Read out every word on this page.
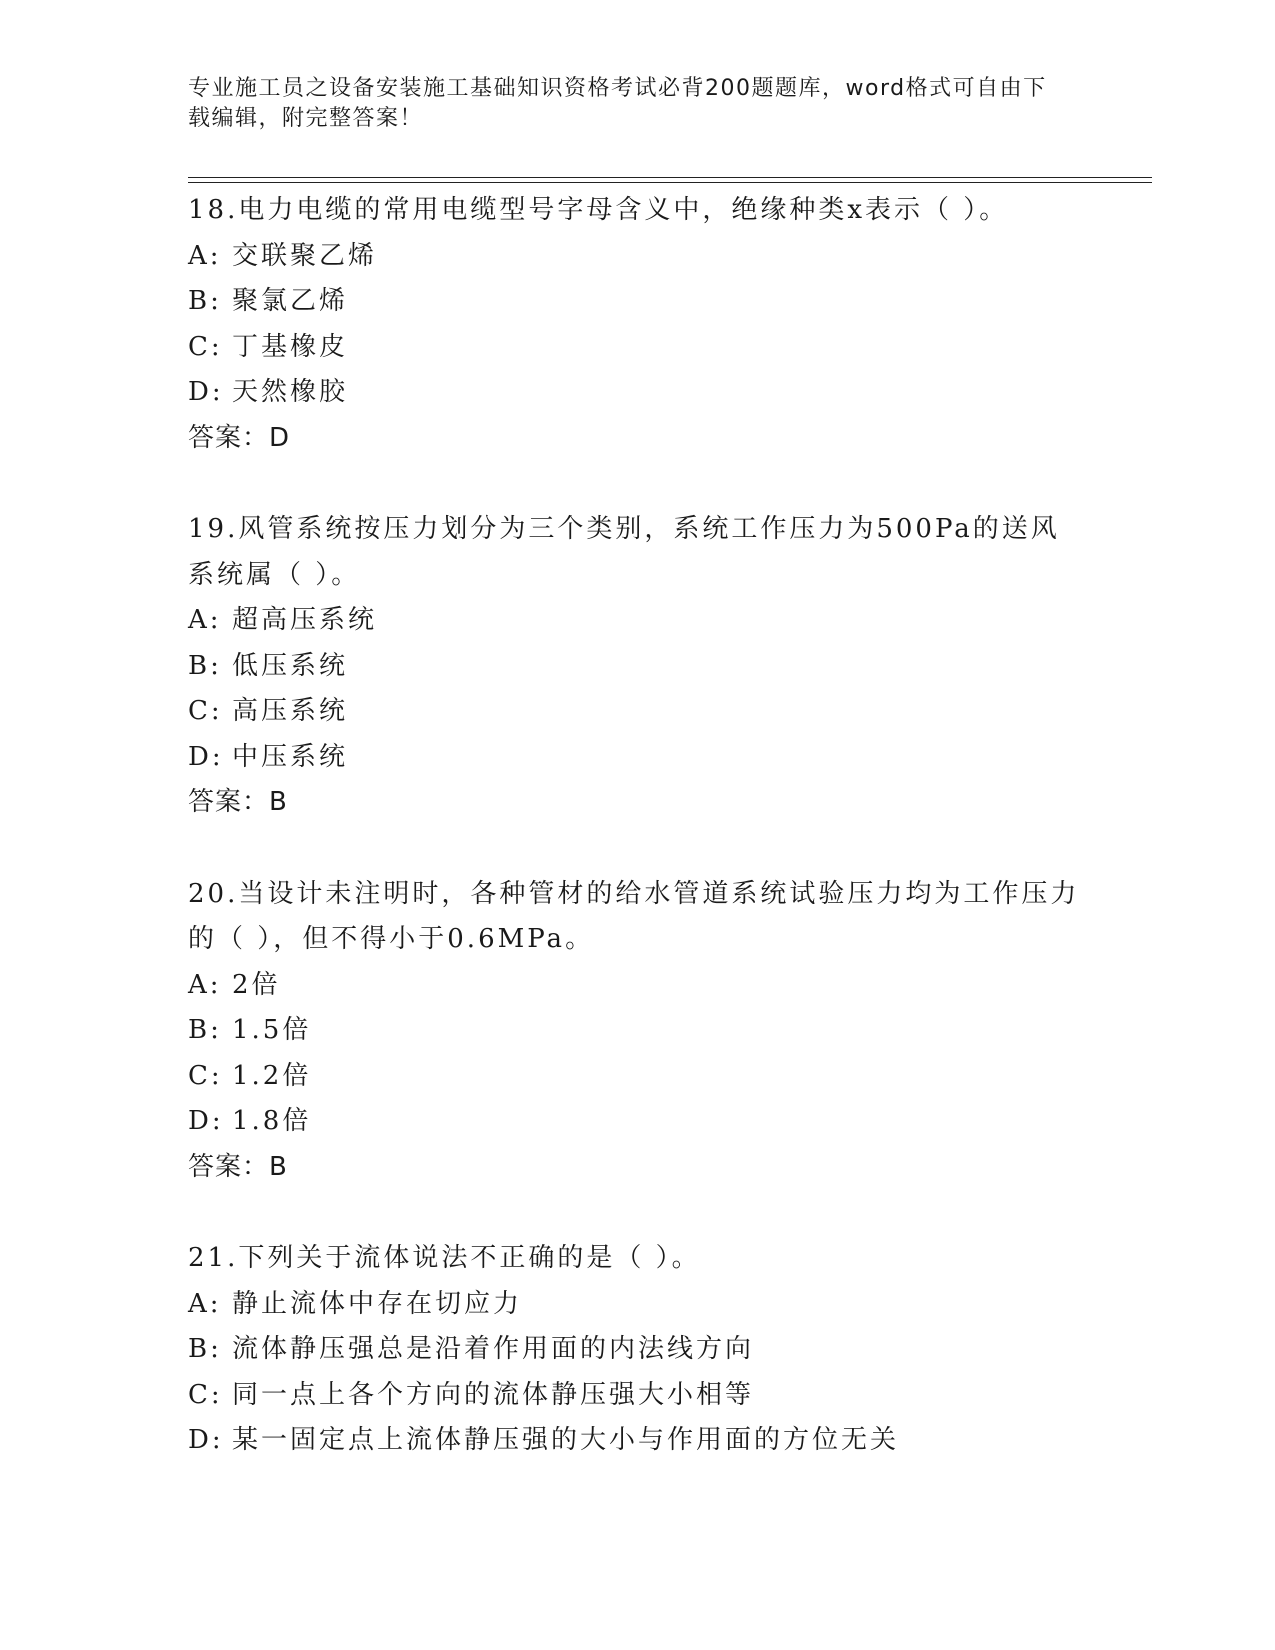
专业施工员之设备安装施工基础知识资格考试必背200题题库，word格式可自由下载编辑，附完整答案！

18.电力电缆的常用电缆型号字母含义中，绝缘种类x表示（ ）。

A: 交联聚乙烯

B: 聚氯乙烯

C: 丁基橡皮

D: 天然橡胶

答案：D

19.风管系统按压力划分为三个类别，系统工作压力为500Pa的送风系统属（ ）。

A: 超高压系统

B: 低压系统

C: 高压系统

D: 中压系统

答案：B

20.当设计未注明时，各种管材的给水管道系统试验压力均为工作压力的（ ），但不得小于0.6MPa。

A: 2倍

B: 1.5倍

C: 1.2倍

D: 1.8倍

答案：B

21.下列关于流体说法不正确的是（ ）。

A: 静止流体中存在切应力

B: 流体静压强总是沿着作用面的内法线方向

C: 同一点上各个方向的流体静压强大小相等

D: 某一固定点上流体静压强的大小与作用面的方位无关
